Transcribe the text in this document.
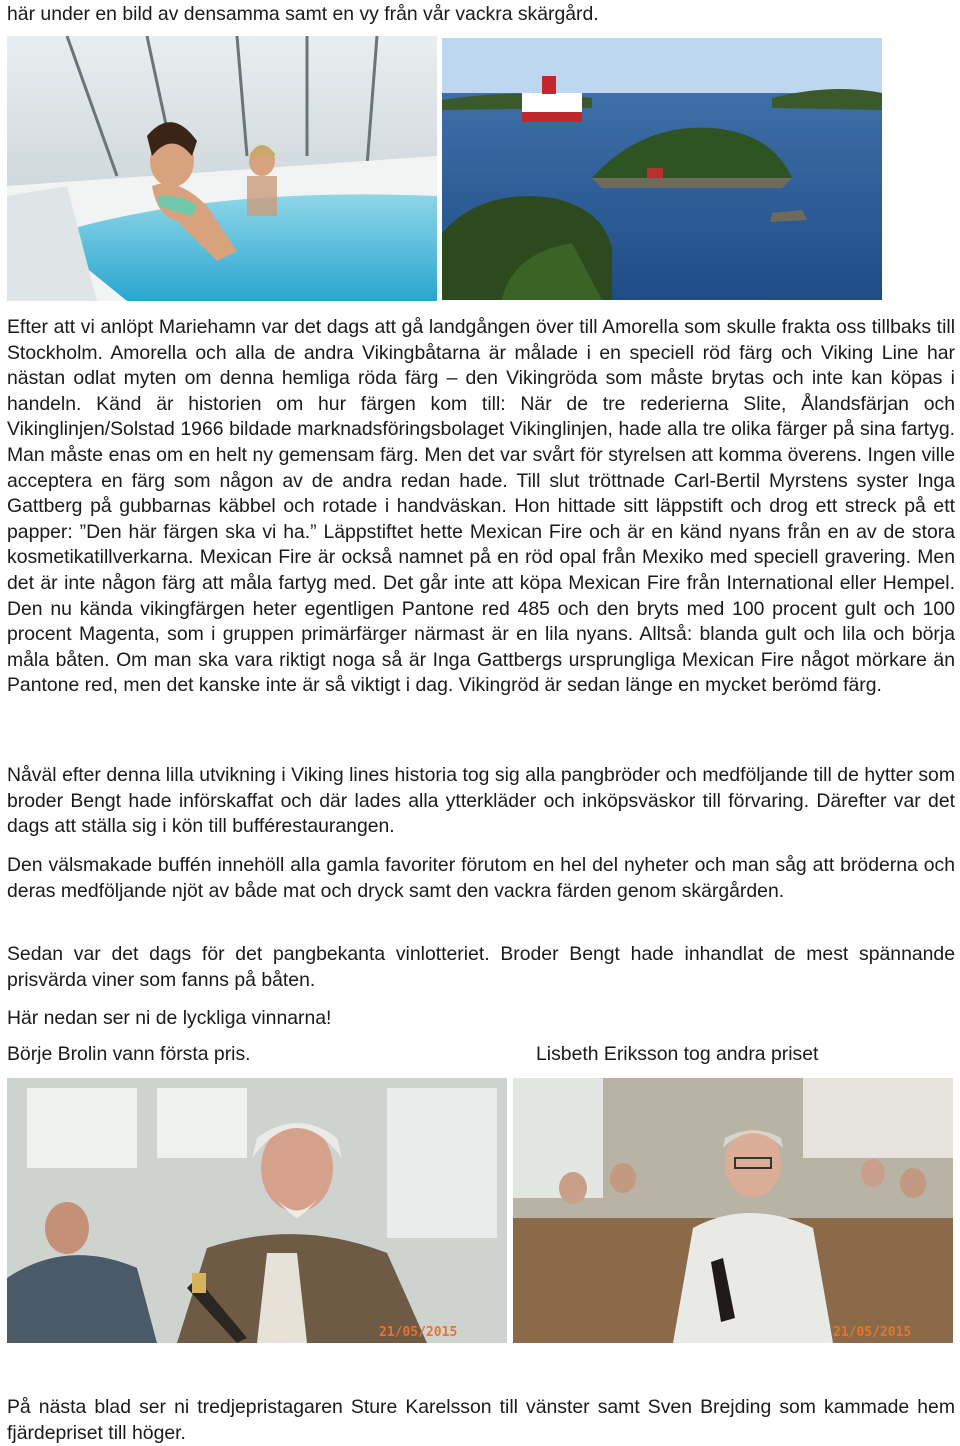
här under en bild av densamma samt en vy från vår vackra skärgård.

Efter att vi anlöpt Mariehamn var det dags att gå landgången över till Amorella som skulle frakta oss tillbaks till Stockholm. Amorella och alla de andra Vikingbåtarna är målade i en speciell röd färg och Viking Line har nästan odlat myten om denna hemliga röda färg – den Vikingröda som måste brytas och inte kan köpas i handeln. Känd är historien om hur färgen kom till: När de tre rederierna Slite, Ålandsfärjan och Vikinglinjen/Solstad 1966 bildade marknadsföringsbolaget Vikinglinjen, hade alla tre olika färger på sina fartyg. Man måste enas om en helt ny gemensam färg. Men det var svårt för styrelsen att komma överens. Ingen ville acceptera en färg som någon av de andra redan hade. Till slut tröttnade Carl-Bertil Myrstens syster Inga Gattberg på gubbarnas käbbel och rotade i handväskan. Hon hittade sitt läppstift och drog ett streck på ett papper: ”Den här färgen ska vi ha.” Läppstiftet hette Mexican Fire och är en känd nyans från en av de stora kosmetikatillverkarna. Mexican Fire är också namnet på en röd opal från Mexiko med speciell gravering. Men det är inte någon färg att måla fartyg med. Det går inte att köpa Mexican Fire från International eller Hempel. Den nu kända vikingfärgen heter egentligen Pantone red 485 och den bryts med 100 procent gult och 100 procent Magenta, som i gruppen primärfärger närmast är en lila nyans. Alltså: blanda gult och lila och börja måla båten. Om man ska vara riktigt noga så är Inga Gattbergs ursprungliga Mexican Fire något mörkare än Pantone red, men det kanske inte är så viktigt i dag. Vikingröd är sedan länge en mycket berömd färg.

Nåväl efter denna lilla utvikning i Viking lines historia tog sig alla pangbröder och medföljande till de hytter som broder Bengt hade införskaffat och där lades alla ytterkläder och inköpsväskor till förvaring. Därefter var det dags att ställa sig i kön till bufférestaurangen.

Den välsmakade buffén innehöll alla gamla favoriter förutom en hel del nyheter och man såg att bröderna och deras medföljande njöt av både mat och dryck samt den vackra färden genom skärgården.

Sedan var det dags för det pangbekanta vinlotteriet. Broder Bengt hade inhandlat de mest spännande prisvärda viner som fanns på båten.

Här nedan ser ni de lyckliga vinnarna!

Börje Brolin vann första pris.	Lisbeth Eriksson tog andra priset

21/05/2015	21/05/2015

På nästa blad ser ni tredjepristagaren Sture Karelsson till vänster samt Sven Brejding som kammade hem fjärdepriset till höger.
